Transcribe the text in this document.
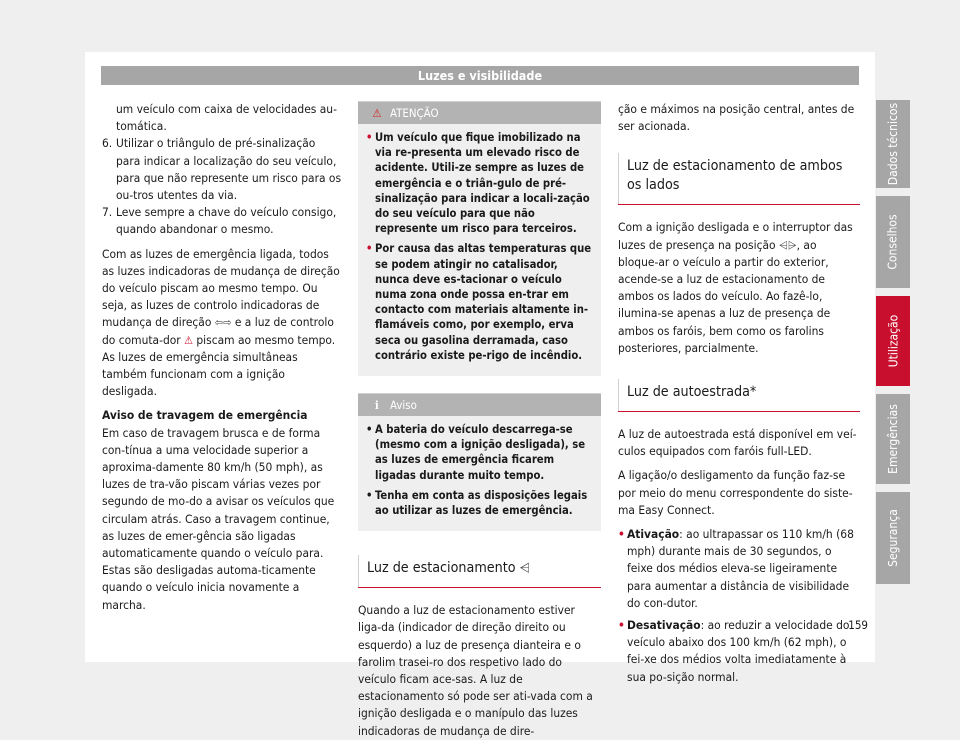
Luzes e visibilidade

um veículo com caixa de velocidades au-tomática.

6. Utilizar o triângulo de pré-sinalização para indicar a localização do seu veículo, para que não represente um risco para os ou-tros utentes da via.
7. Leve sempre a chave do veículo consigo, quando abandonar o mesmo.

Com as luzes de emergência ligada, todos as luzes indicadoras de mudança de direção do veículo piscam ao mesmo tempo. Ou seja, as luzes de controlo indicadoras de mudança de direção ⇦⇨ e a luz de controlo do comuta-dor ⚠ piscam ao mesmo tempo. As luzes de emergência simultâneas também funcionam com a ignição desligada.

Aviso de travagem de emergência

Em caso de travagem brusca e de forma con-tínua a uma velocidade superior a aproxima-damente 80 km/h (50 mph), as luzes de tra-vão piscam várias vezes por segundo de mo-do a avisar os veículos que circulam atrás. Caso a travagem continue, as luzes de emer-gência são ligadas automaticamente quando o veículo para. Estas são desligadas automa-ticamente quando o veículo inicia novamente a marcha.

⚠ ATENÇÃO
• Um veículo que fique imobilizado na via re-presenta um elevado risco de acidente. Utili-ze sempre as luzes de emergência e o triân-gulo de pré-sinalização para indicar a locali-zação do seu veículo para que não represente um risco para terceiros.
• Por causa das altas temperaturas que se podem atingir no catalisador, nunca deve es-tacionar o veículo numa zona onde possa en-trar em contacto com materiais altamente in-flamáveis como, por exemplo, erva seca ou gasolina derramada, caso contrário existe pe-rigo de incêndio.
ℹ Aviso
• A bateria do veículo descarrega-se (mesmo com a ignição desligada), se as luzes de emergência ficarem ligadas durante muito tempo.
• Tenha em conta as disposições legais ao utilizar as luzes de emergência.
Luz de estacionamento ⩤

Quando a luz de estacionamento estiver liga-da (indicador de direção direito ou esquerdo) a luz de presença dianteira e o farolim trasei-ro dos respetivo lado do veículo ficam ace-sas. A luz de estacionamento só pode ser ati-vada com a ignição desligada e o manípulo das luzes indicadoras de mudança de dire-

ção e máximos na posição central, antes de ser acionada.

Luz de estacionamento de ambos os lados

Com a ignição desligada e o interruptor das luzes de presença na posição ⩤⩥, ao bloque-ar o veículo a partir do exterior, acende-se a luz de estacionamento de ambos os lados do veículo. Ao fazê-lo, ilumina-se apenas a luz de presença de ambos os faróis, bem como os farolins posteriores, parcialmente.

Luz de autoestrada*

A luz de autoestrada está disponível em veí-culos equipados com faróis full-LED.

A ligação/o desligamento da função faz-se por meio do menu correspondente do siste-ma Easy Connect.

• Ativação: ao ultrapassar os 110 km/h (68 mph) durante mais de 30 segundos, o feixe dos médios eleva-se ligeiramente para aumentar a distância de visibilidade do con-dutor.
• Desativação: ao reduzir a velocidade do veículo abaixo dos 100 km/h (62 mph), o fei-xe dos médios volta imediatamente à sua po-sição normal.
Dados técnicos
Conselhos
Utilização
Emergências
Segurança
159
